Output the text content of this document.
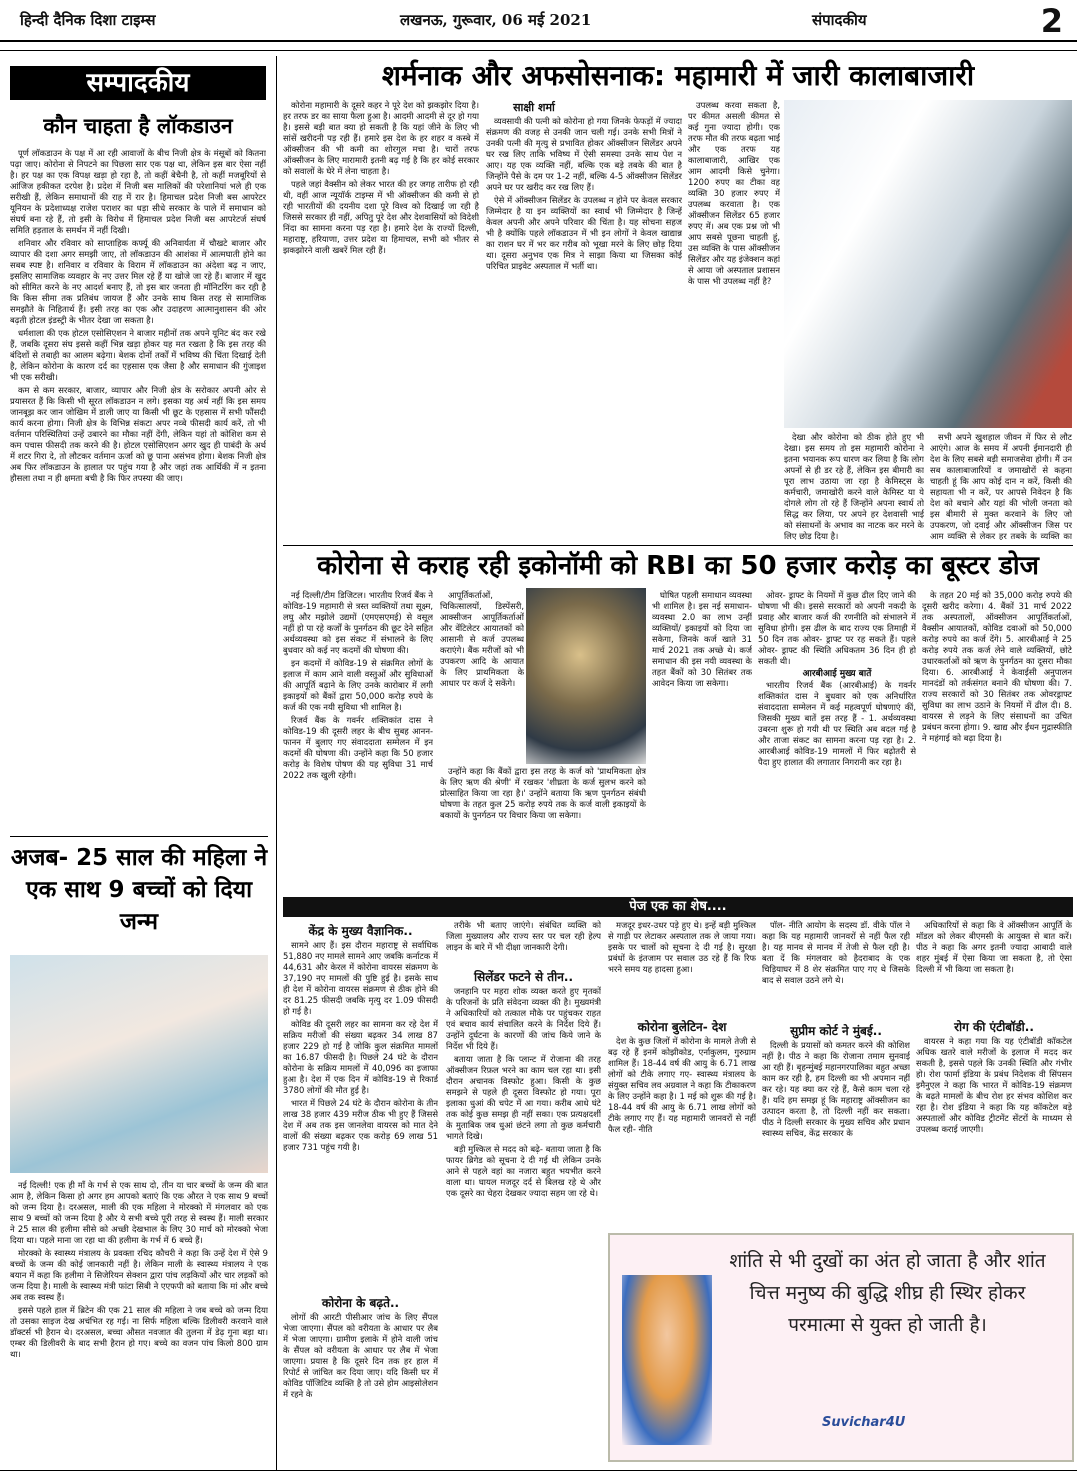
हिन्दी दैनिक दिशा टाइम्स	लखनऊ, गुरूवार, 06 मई 2021	संपादकीय	2
सम्पादकीय
कौन चाहता है लॉकडाउन

पूर्ण लॉकडाउन के पक्ष में आ रही आवाजों के बीच निजी क्षेत्र के मंसूबों को कितना पढ़ा जाए। कोरोना से निपटने का पिछला सार एक पक्ष था, लेकिन इस बार ऐसा नहीं है। हर पक्ष का एक विपक्ष खड़ा हो रहा है, तो कहीं बेचैनी है, तो कहीं मजबूरियों से आंजिज हकीकत दरपेश है। प्रदेश में निजी बस मालिकों की परेशानियां भले ही एक सरीखी हैं, लेकिन समाधानों की राह में रार है। हिमाचल प्रदेश निजी बस आपरेटर यूनियन के प्रदेशाध्यक्ष राजेश पराशर का धड़ा सीधे सरकार के पाले में समाधान को संघर्ष बना रहे हैं, तो इसी के विरोध में हिमाचल प्रदेश निजी बस आपरेटर्ज संघर्ष समिति हड़ताल के समर्थन में नहीं दिखी।

शनिवार और रविवार को साप्ताहिक कर्फ्यू की अनिवार्यता में चौखटे बाजार और व्यापार की दशा अगर समझी जाए, तो लॉकडाउन की आशंका में आत्मघाती होने का सबब स्पष्ट है। शनिवार व रविवार के विराम में लॉकडाउन का अंदेशा बढ़ न जाए, इसलिए सामाजिक व्यवहार के नए उत्तर मिल रहे हैं या खोजे जा रहे हैं। बाजार में खुद को सीमित करने के नए आदर्श बनाए हैं, तो इस बार जनता ही मॉनिटरिंग कर रही है कि किस सीमा तक प्रतिबंध जायज हैं और उनके साथ किस तरह से सामाजिक समझौते के निहितार्थ हैं। इसी तरह का एक और उदाहरण आत्मानुशासन की ओर बढ़ती होटल इंडस्ट्री के भीतर देखा जा सकता है।

धर्मशाला की एक होटल एसोसिएशन ने बाजार महीनों तक अपने यूनिट बंद कर रखे हैं, जबकि दूसरा संघ इससे कहीं भिन्न खड़ा होकर यह मत रखता है कि इस तरह की बंदिशों से तबाही का आलम बढ़ेगा। बेशक दोनों तर्कों में भविष्य की चिंता दिखाई देती है, लेकिन कोरोना के कारण दर्द का एहसास एक जैसा है और समाधान की गुंजाइश भी एक सरीखी।

कम से कम सरकार, बाजार, व्यापार और निजी क्षेत्र के सरोकार अपनी ओर से प्रयासरत हैं कि किसी भी सूरत लॉकडाउन न लगे। इसका यह अर्थ नहीं कि इस समय जानबूझ कर जान जोखिम में डाली जाए या किसी भी छूट के एहसास में सभी फौंसदी कार्य करना होगा। निजी क्षेत्र के विभिन्न संकटा अपर नव्बे फीसदी कार्य करें, तो भी वर्तमान परिस्थितियां उन्हें उबारने का मौका नहीं देंगी, लेकिन यहां तो कोशिश कम से कम पचास फीसदी तक करने की है। होटल एसोसिएशन अगर खुद ही पाबंदी के अर्थ में शटर गिरा दे, तो लौटकर वर्तमान ऊर्जा को छू पाना असंभव होगा। बेशक निजी क्षेत्र अब फिर लॉकडाउन के हालात पर पहुंच गया है और जहां तक आर्थिकी में न इतना हौसला तथा न ही क्षमता बची है कि फिर तपस्या की जाए।

अजब- 25 साल की महिला ने एक साथ 9 बच्चों को दिया जन्म

नई दिल्ली! एक ही माँ के गर्भ से एक साथ दो, तीन या चार बच्चों के जन्म की बात आम है, लेकिन किसा हो अगर हम आपको बताएं कि एक औरत ने एक साथ 9 बच्चों को जन्म दिया है। दरअसल, माली की एक महिला ने मोरक्को में मंगलवार को एक साथ 9 बच्चों को जन्म दिया है और ये सभी बच्चे पूरी तरह से स्वस्थ हैं। माली सरकार ने 25 साल की हलीमा सीसे को अच्छी देखभाल के लिए 30 मार्च को मोरक्को भेजा दिया था। पहले माना जा रहा था की हलीमा के गर्भ में 6 बच्चे हैं।

मोरक्को के स्वास्थ्य मंत्रालय के प्रवक्ता रचिद कौचरी ने कहा कि उन्हें देश में ऐसे 9 बच्चों के जन्म की कोई जानकारी नहीं है। लेकिन माली के स्वास्थ्य मंत्रालय ने एक बयान में कहा कि हलीमा ने सिजेरियन सेक्शन द्वारा पांच लड़कियों और चार लड़कों को जन्म दिया है। माली के स्वास्थ्य मंत्री फांटा सिबी ने एएफपी को बताया कि मां और बच्चे अब तक स्वस्थ हैं।

इससे पहले हाल में ब्रिटेन की एक 21 साल की महिला ने जब बच्चे को जन्म दिया तो उसका साइज देख अचंभित रह गई। ना सिर्फ महिला बल्कि डिलीवरी करवाने वाले डॉक्टर्स भी हैरान थे। दरअसल, बच्चा औसत नवजात की तुलना में डेढ़ गुना बड़ा था। एम्बर की डिलीवरी के बाद सभी हैरान हो गए। बच्चे का वजन पांच किलो 800 ग्राम था।

शर्मनाक और अफसोसनाक: महामारी में जारी कालाबाजारी
साक्षी शर्मा

कोरोना महामारी के दूसरे कहर ने पूरे देश को झकझोर दिया है। हर तरफ डर का साया फैला हुआ है। आदमी आदमी से दूर हो गया है। इससे बड़ी बात क्या हो सकती है कि यहां जीने के लिए भी सांसें खरीदनी पड़ रही हैं। हमारे इस देश के हर शहर व कस्बे में ऑक्सीजन की भी कमी का शोरगुल मचा है। चारों तरफ ऑक्सीजन के लिए मारामारी इतनी बढ़ गई है कि हर कोई सरकार को सवालों के घेरे में लेना चाहता है।

पहले जहां वैक्सीन को लेकर भारत की हर जगह तारीफ हो रही थी, वहीं आज न्यूयॉर्क टाइम्स में भी ऑक्सीजन की कमी से हो रही भारतीयों की दयनीय दशा पूरे विश्व को दिखाई जा रही है जिससे सरकार ही नहीं, अपितु पूरे देश और देशवासियों को विदेशी निंदा का सामना करना पड़ रहा है। हमारे देश के राज्यों दिल्ली, महाराष्ट्र, हरियाणा, उत्तर प्रदेश या हिमाचल, सभी को भीतर से झकझोरने वाली खबरें मिल रही हैं।

व्यवसायी की पत्नी को कोरोना हो गया जिनके फेफड़ों में ज्यादा संक्रमण की वजह से उनकी जान चली गई। उनके सभी मित्रों ने उनकी पत्नी की मृत्यु से प्रभावित होकर ऑक्सीजन सिलेंडर अपने घर रख लिए ताकि भविष्य में ऐसी समस्या उनके साथ पेश न आए। यह एक व्यक्ति नहीं, बल्कि एक बड़े तबके की बात है जिन्होंने पैसे के दम पर 1-2 नहीं, बल्कि 4-5 ऑक्सीजन सिलेंडर अपने घर पर खरीद कर रख लिए हैं।

ऐसे में ऑक्सीजन सिलेंडर के उपलब्ध न होने पर केवल सरकार जिम्मेदार है या इन व्यक्तियों का स्वार्थ भी जिम्मेदार है जिन्हें केवल अपनी और अपने परिवार की चिंता है। यह सोचना सहज भी है क्योंकि पहले लॉकडाउन में भी इन लोगों ने केवल खाद्यान्न का राशन घर में भर कर गरीब को भूखा मरने के लिए छोड़ दिया था। दूसरा अनुभव एक मित्र ने साझा किया था जिसका कोई परिचित प्राइवेट अस्पताल में भर्ती था।

उपलब्ध करवा सकता है, पर कीमत असली कीमत से कई गुना ज्यादा होगी। एक तरफ मौत की तरफ बढ़ता भाई और एक तरफ यह कालाबाजारी, आखिर एक आम आदमी किसे चुनेगा। 1200 रुपए का टीका वह व्यक्ति 30 हजार रुपए में उपलब्ध करवाता है। एक ऑक्सीजन सिलेंडर 65 हजार रुपए में। अब एक प्रश्न जो भी आप सबसे पूछना चाहती हूं, उस व्यक्ति के पास ऑक्सीजन सिलेंडर और यह इंजेक्शन कहां से आया जो अस्पताल प्रशासन के पास भी उपलब्ध नहीं है?

देखा और कोरोना को ठीक होते हुए भी देखा। इस समय तो इस महामारी कोरोना ने इतना भयानक रूप धारण कर लिया है कि लोग अपनों से ही डर रहे हैं, लेकिन इस बीमारी का पूरा लाभ उठाया जा रहा है केमिस्ट्स के कर्मचारी, जमाखोरी करने वाले केमिस्ट या ये दोगले लोग तो रहे हैं जिन्होंने अपना स्वार्थ तो सिद्ध कर लिया, पर अपने हर देशवासी भाई को संसाधनों के अभाव का नाटक कर मरने के लिए छोड़ दिया है।

सभी अपने खुशहाल जीवन में फिर से लौट आएंगे। आज के समय में अपनी ईमानदारी ही देश के लिए सबसे बड़ी समाजसेवा होगी। मैं उन सब कालाबाजारियों व जमाखोरों से कहना चाहती हूं कि आप कोई दान न करें, किसी की सहायता भी न करें, पर आपसे निवेदन है कि देश को बचाने और यहां की भोली जनता को इस बीमारी से मुक्त करवाने के लिए जो उपकरण, जो दवाई और ऑक्सीजन जिस पर आम व्यक्ति से लेकर हर तबके के व्यक्ति का

कोरोना से कराह रही इकोनॉमी को RBI का 50 हजार करोड़ का बूस्टर डोज

नई दिल्ली/टीम डिजिटल। भारतीय रिजर्व बैंक ने कोविड-19 महामारी से त्रस्त व्यक्तियों तथा सूक्ष्म, लघु और मझोले उद्यमों (एमएसएमई) से वसूल नहीं हो पा रहे कर्जों के पुनर्गठन की छूट देने सहित अर्थव्यवस्था को इस संकट में संभालने के लिए बुधवार को कई नए कदमों की घोषणा की।

इन कदमों में कोविड-19 से संक्रमित लोगों के इलाज में काम आने वाली वस्तुओं और सुविधाओं की आपूर्ति बढ़ाने के लिए उनके कारोबार में लगी इकाइयों को बैंकों द्वारा 50,000 करोड़ रुपये के कर्ज की एक नयी सुविधा भी शामिल है।

रिजर्व बैंक के गवर्नर शक्तिकांत दास ने कोविड-19 की दूसरी लहर के बीच सुबह आनन-फानन में बुलाए गए संवाददाता सम्मेलन में इन कदमों की घोषणा की। उन्होंने कहा कि 50 हजार करोड़ के विशेष पोषण की यह सुविधा 31 मार्च 2022 तक खुली रहेगी।

आपूर्तिकर्ताओं, चिकित्सालयों, डिस्पेंसरी, आक्सीजन आपूर्तिकर्ताओं और वेंटिलेटर आयातकों को आसानी से कर्ज उपलब्ध कराएंगे। बैंक मरीजों को भी उपकरण आदि के आयात के लिए प्राथमिकता के आधार पर कर्ज दे सकेंगे।

उन्होंने कहा कि बैंकों द्वारा इस तरह के कर्ज को 'प्राथमिकता क्षेत्र के लिए ऋण की श्रेणी' में रखकर 'शीघ्रता के कर्ज सुलभ करने को प्रोत्साहित किया जा रहा है।' उन्होंने बताया कि ऋण पुनर्गठन संबंधी घोषणा के तहत कुल 25 करोड़ रुपये तक के कर्ज वाली इकाइयों के बकायों के पुनर्गठन पर विचार किया जा सकेगा।

घोषित पहली समाधान व्यवस्था भी शामिल है। इस नई समाधान- व्यवस्था 2.0 का लाभ उन्हीं व्यक्तियों/ इकाइयों को दिया जा सकेगा, जिनके कर्ज खाते 31 मार्च 2021 तक अच्छे थे। कर्ज समाधान की इस नयी व्यवस्था के तहत बैंकों को 30 सितंबर तक आवेदन किया जा सकेगा।

ओवर- ड्राफ्ट के नियमों में कुछ ढील दिए जाने की घोषणा भी की। इससे सरकारों को अपनी नकदी के प्रवाह और बाजार कर्ज की रणनीति को संभालने में सुविधा होगी। इस ढील के बाद राज्य एक तिमाही में 50 दिन तक ओवर- ड्राफ्ट पर रह सकते हैं। पहले ओवर- ड्राफ्ट की स्थिति अधिकतम 36 दिन ही हो सकती थी।

आरबीआई मुख्य बातें

भारतीय रिजर्व बैंक (आरबीआई) के गवर्नर शक्तिकांत दास ने बुधवार को एक अनिर्धारित संवाददाता सम्मेलन में कई महत्वपूर्ण घोषणाएं कीं, जिसकी मुख्य बातें इस तरह हैं - 1. अर्थव्यवस्था उबरना शुरू हो गयी थी पर स्थिति अब बदल गई है और ताजा संकट का सामना करना पड़ रहा है। 2. आरबीआई कोविड-19 मामलों में फिर बढ़ोतरी से पैदा हुए हालात की लगातार निगरानी कर रहा है।

के तहत 20 मई को 35,000 करोड़ रुपये की दूसरी खरीद करेगा। 4. बैंकों 31 मार्च 2022 तक अस्पतालों, ऑक्सीजन आपूर्तिकर्ताओं, वैक्सीन आयातकों, कोविड दवाओं को 50,000 करोड़ रुपये का कर्ज देंगे। 5. आरबीआई ने 25 करोड़ रुपये तक कर्ज लेने वाले व्यक्तियों, छोटे उधारकर्ताओं को ऋण के पुनर्गठन का दूसरा मौका दिया। 6. आरबीआई ने केवाईसी अनुपालन मानदंडों को तर्कसंगत बनाने की घोषणा की। 7. राज्य सरकारों को 30 सितंबर तक ओवरड्राफ्ट सुविधा का लाभ उठाने के नियमों में ढील दी। 8. वायरस से लड़ने के लिए संसाधनों का उचित प्रबंधन करना होगा। 9. खाद्य और ईंधन मुद्रास्फीति ने महंगाई को बढ़ा दिया है।

पेज एक का शेष....
केंद्र के मुख्य वैज्ञानिक..

सामने आए हैं। इस दौरान महाराष्ट्र से सर्वाधिक 51,880 नए मामले सामने आए जबकि कर्नाटक में 44,631 और केरल में कोरोना वायरस संक्रमण के 37,190 नए मामलों की पुष्टि हुई है। इसके साथ ही देश में कोरोना वायरस संक्रमण से ठीक होने की दर 81.25 फीसदी जबकि मृत्यु दर 1.09 फीसदी हो गई है।

कोविड की दूसरी लहर का सामना कर रहे देश में सक्रिय मरीजों की संख्या बढ़कर 34 लाख 87 हजार 229 हो गई है जोकि कुल संक्रमित मामलों का 16.87 फीसदी है। पिछले 24 घंटे के दौरान कोरोना के सक्रिय मामलों में 40,096 का इजाफा हुआ है। देश में एक दिन में कोविड-19 से रिकार्ड 3780 लोगों की मौत हुई है।

भारत में पिछले 24 घंटे के दौरान कोरोना के तीन लाख 38 हजार 439 मरीज ठीक भी हुए हैं जिससे देश में अब तक इस जानलेवा वायरस को मात देने वालों की संख्या बढ़कर एक करोड़ 69 लाख 51 हजार 731 पहुंच गयी है।

कोरोना के बढ़ते..

लोगों की आरटी पीसीआर जांच के लिए सैंपल भेजा जाएगा। सैंपल को वरीयता के आधार पर लैब में भेजा जाएगा। ग्रामीण इलाके में होने वाली जांच के सैंपल को वरीयता के आधार पर लैब में भेजा जाएगा। प्रयास है कि दूसरे दिन तक हर हाल में रिपोर्ट से जांचित कर दिया जाए। यदि किसी घर में कोविड पॉजिटिव व्यक्ति है तो उसे होम आइसोलेशन में रहने के

तरीके भी बताए जाएंगे। संबंधित व्यक्ति को जिला मुख्यालय और राज्य स्तर पर चल रही हेल्प लाइन के बारे में भी दीक्षा जानकारी देगी।

सिलेंडर फटने से तीन..

जनहानि पर महरा शोक व्यक्त करते हुए मृतकों के परिजनों के प्रति संवेदना व्यक्त की है। मुख्यमंत्री ने अधिकारियों को तत्काल मौके पर पहुंचकर राहत एवं बचाव कार्य संचालित करने के निर्देश दिये हैं। उन्होंने दुर्घटना के कारणों की जांच किये जाने के निर्देश भी दिये हैं।

बताया जाता है कि प्लान्ट में रोजाना की तरह ऑक्सीजन रिफ़ल भरने का काम चल रहा था। इसी दौरान अचानक विस्फोट हुआ। किसी के कुछ समझने से पहले ही दूसरा विस्फोट हो गया। पूरा इलाका धुआं की चपेट में आ गया। करीब आधे घंटे तक कोई कुछ समझ ही नहीं सका। एक प्रत्यक्षदर्शी के मुताबिक जब धुआं छंटने लगा तो कुछ कर्मचारी भागते दिखे।

बड़ी मुश्किल से मदद को बढ़े- बताया जाता है कि फायर ब्रिगेड को सूचना दे दी गई थी लेकिन उनके आने से पहले वहां का नजारा बहुत भयभीत करने वाला था। घायल मजदूर दर्द से बिलख रहे थे और एक दूसरे का चेहरा देखकर ज्यादा सहम जा रहे थे।

मजदूर इधर-उधर पड़े हुए थे। इन्हें बड़ी मुश्किल से गाड़ी पर लेटाकर अस्पताल तक ले जाया गया। इसके पर चालों को सूचना दे दी गई है। सुरक्षा प्रबंधों के इंतजाम पर सवाल उठ रहे हैं कि रिफ भरने समय यह हादसा हुआ।

कोरोना बुलेटिन- देश

देश के कुछ जिलों में कोरोना के मामले तेजी से बढ़ रहे हैं इनमें कोझीकोड, एर्नाकुलम, गुरुग्राम शामिल हैं। 18-44 वर्ष की आयु के 6.71 लाख लोगों को टीके लगाए गए- स्वास्थ्य मंत्रालय के संयुक्त सचिव लव अग्रवाल ने कहा कि टीकाकरण के लिए उन्होंने कहा है। 1 मई को शुरू की गई है। 18-44 वर्ष की आयु के 6.71 लाख लोगों को टीके लगाए गए हैं। यह महामारी जानवरों से नहीं फैल रही- नीति

पॉल- नीति आयोग के सदस्य डॉ. वीके पॉल ने कहा कि यह महामारी जानवरों से नहीं फैल रही है। यह मानव से मानव में तेजी से फैल रही है। बता दें कि मंगलवार को हैदराबाद के एक चिड़ियाघर में 8 शेर संक्रमित पाए गए थे जिसके बाद से सवाल उठने लगे थे।

सुप्रीम कोर्ट ने मुंबई..

दिल्ली के प्रयासों को कमतर करने की कोशिश नहीं है। पीठ ने कहा कि रोजाना तमाम सुनवाई आ रही हैं। बृहन्मुंबई महानगरपालिका बहुत अच्छा काम कर रही है, हम दिल्ली का भी अपमान नहीं कर रहे। यह क्या कर रहे हैं, कैसे काम चला रहे हैं। यदि हम समझ हूं कि महाराष्ट्र ऑक्सीजन का उत्पादन करता है, तो दिल्ली नहीं कर सकता। पीठ ने दिल्ली सरकार के मुख्य सचिव और प्रधान स्वास्थ्य सचिव, केंद्र सरकार के

अधिकारियों से कहा कि वे ऑक्सीजन आपूर्ति के मॉडल को लेकर बीएमसी के आयुक्त से बात करें। पीठ ने कहा कि अगर इतनी ज्यादा आबादी वाले शहर मुंबई में ऐसा किया जा सकता है, तो ऐसा दिल्ली में भी किया जा सकता है।

रोग की एंटीबॉडी..

वायरस ने कहा गया कि यह एंटीबॉडी कॉकटेल अधिक खतरे वाले मरीजों के इलाज में मदद कर सकती है, इससे पहले कि उनकी स्थिति और गंभीर हो। रोश फार्मा इंडिया के प्रबंध निदेशक वी सिंपसन इमैनुएल ने कहा कि भारत में कोविड-19 संक्रमण के बढ़ते मामलों के बीच रोश हर संभव कोशिश कर रहा है। रोश इंडिया ने कहा कि यह कॉकटेल बड़े अस्पतालों और कोविड ट्रीटमेंट सेंटरों के माध्यम से उपलब्ध कराई जाएगी।

शांति से भी दुखों का अंत हो जाता है और शांत चित्त मनुष्य की बुद्धि शीघ्र ही स्थिर होकर परमात्मा से युक्त हो जाती है।
Suvichar4U
